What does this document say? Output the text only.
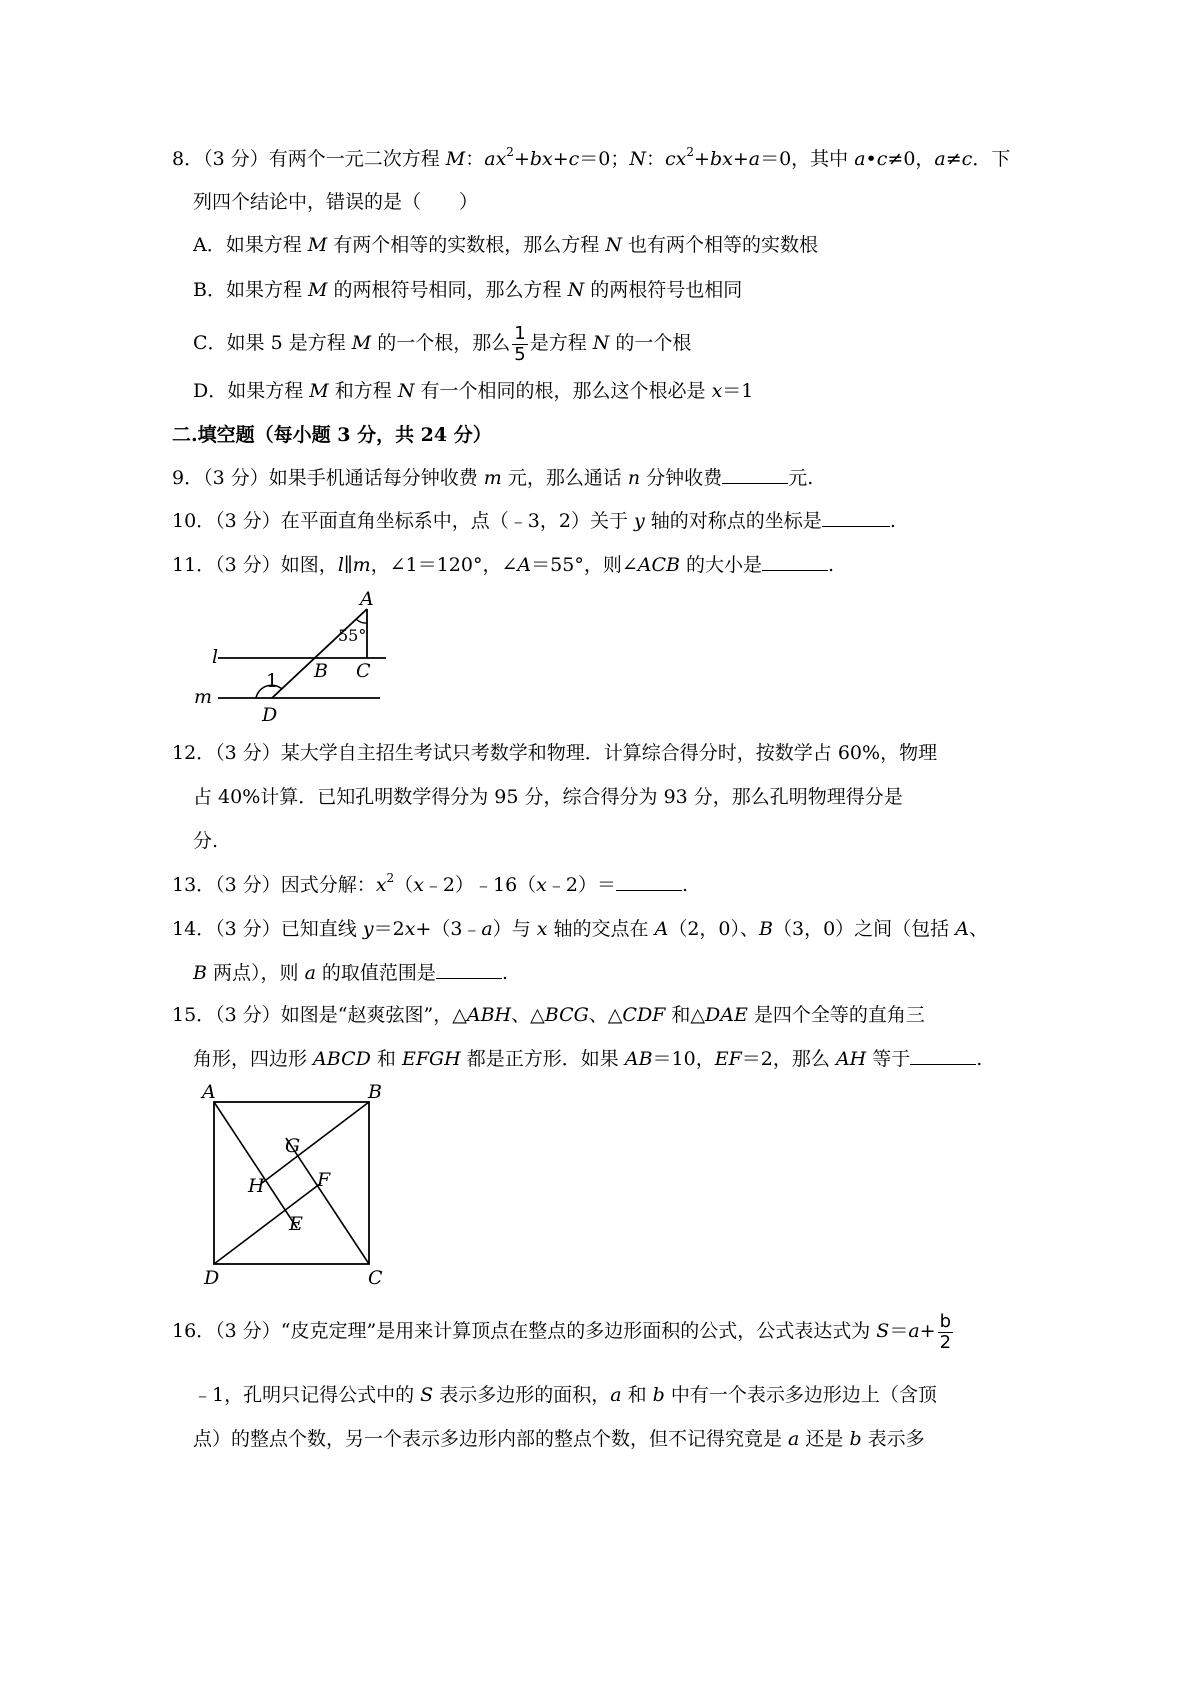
8．（3 分）有两个一元二次方程 M：$ax^2+bx+c=0$；N：$cx^2+bx+a=0$，其中 a•c≠0，a≠c．下
列四个结论中，错误的是（　　）
A．如果方程 M 有两个相等的实数根，那么方程 N 也有两个相等的实数根
B．如果方程 M 的两根符号相同，那么方程 N 的两根符号也相同
C．如果 5 是方程 M 的一个根，那么 $\frac{1}{5}$ 是方程 N 的一个根
D．如果方程 M 和方程 N 有一个相同的根，那么这个根必是 x＝1
二.填空题（每小题 3 分，共 24 分）
9．（3 分）如果手机通话每分钟收费 m 元，那么通话 n 分钟收费	元.
10．（3 分）在平面直角坐标系中，点（﹣3，2）关于 y 轴的对称点的坐标是	.
11．（3 分）如图，l∥m，∠1＝120°，∠A＝55°，则∠ACB 的大小是	.
A
B C
D
l
m
1
55°
12．（3 分）某大学自主招生考试只考数学和物理．计算综合得分时，按数学占 60%，物理
占 40%计算．已知孔明数学得分为 95 分，综合得分为 93 分，那么孔明物理得分是
分.
13．（3 分）因式分解：$x^2(x﹣2)﹣16(x﹣2)=$	.
14．（3 分）已知直线 y＝2x+（3﹣a）与 x 轴的交点在 A（2，0）、B（3，0）之间（包括 A、
B 两点），则 a 的取值范围是	.
15．（3 分）如图是“赵爽弦图”，△ABH、△BCG、△CDF 和△DAE 是四个全等的直角三
角形，四边形 ABCD 和 EFGH 都是正方形．如果 AB＝10，EF＝2，那么 AH 等于	.
A	B
C
D
E
F
G
H
16．（3 分）“皮克定理”是用来计算顶点在整点的多边形面积的公式，公式表达式为 $S=a+ \frac{b}{2}$
﹣1，孔明只记得公式中的 S 表示多边形的面积，a 和 b 中有一个表示多边形边上（含顶
点）的整点个数，另一个表示多边形内部的整点个数，但不记得究竟是 a 还是 b 表示多
